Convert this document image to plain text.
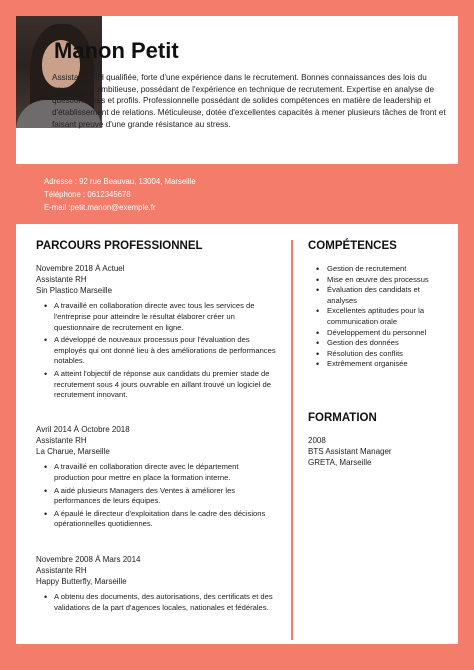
Manon Petit
Assistante RH qualifiée, forte d'une expérience dans le recrutement. Bonnes connaissances des lois du travail. Très ambitieuse, possédant de l'expérience en technique de recrutement. Expertise en analyse de questionnaires et profils. Professionnelle possédant de solides compétences en matière de leadership et d'établissement de relations. Méticuleuse, dotée d'excellentes capacités à mener plusieurs tâches de front et faisant preuve d'une grande résistance au stress.
Adresse : 92 rue Beauvau, 13004, Marseille
Téléphone : 0612345678
E-mail :petit.manon@exemple.fr
PARCOURS PROFESSIONNEL
Novembre 2018 À Actuel
Assistante RH
Sin Plastico Marseille
• A travaillé en collaboration directe avec tous les services de l'entreprise pour atteindre le résultat élaborer créer un questionnaire de recrutement en ligne.
• A développé de nouveaux processus pour l'évaluation des employés qui ont donné lieu à des améliorations de performances notables.
• A atteint l'objectif de réponse aux candidats du premier stade de recrutement sous 4 jours ouvrable en aillant trouvé un logiciel de recrutement innovant.
Avril 2014 À Octobre 2018
Assistante RH
La Charue, Marseille
• A travaillé en collaboration directe avec le département production pour mettre en place la formation interne.
• A aidé plusieurs Managers des Ventes à améliorer les performances de leurs équipes.
• A épaulé le directeur d'exploitation dans le cadre des décisions opérationnelles quotidiennes.
Novembre 2008 À Mars 2014
Assistante RH
Happy Butterfly, Marseille
• A obtenu des documents, des autorisations, des certificats et des validations de la part d'agences locales, nationales et fédérales.
COMPÉTENCES
• Gestion de recrutement
• Mise en œuvre des processus
• Évaluation des candidats et analyses
• Excellentes aptitudes pour la communication orale
• Développement du personnel
• Gestion des données
• Résolution des conflits
• Extrêmement organisée
FORMATION
2008
BTS Assistant Manager
GRETA, Marseille
